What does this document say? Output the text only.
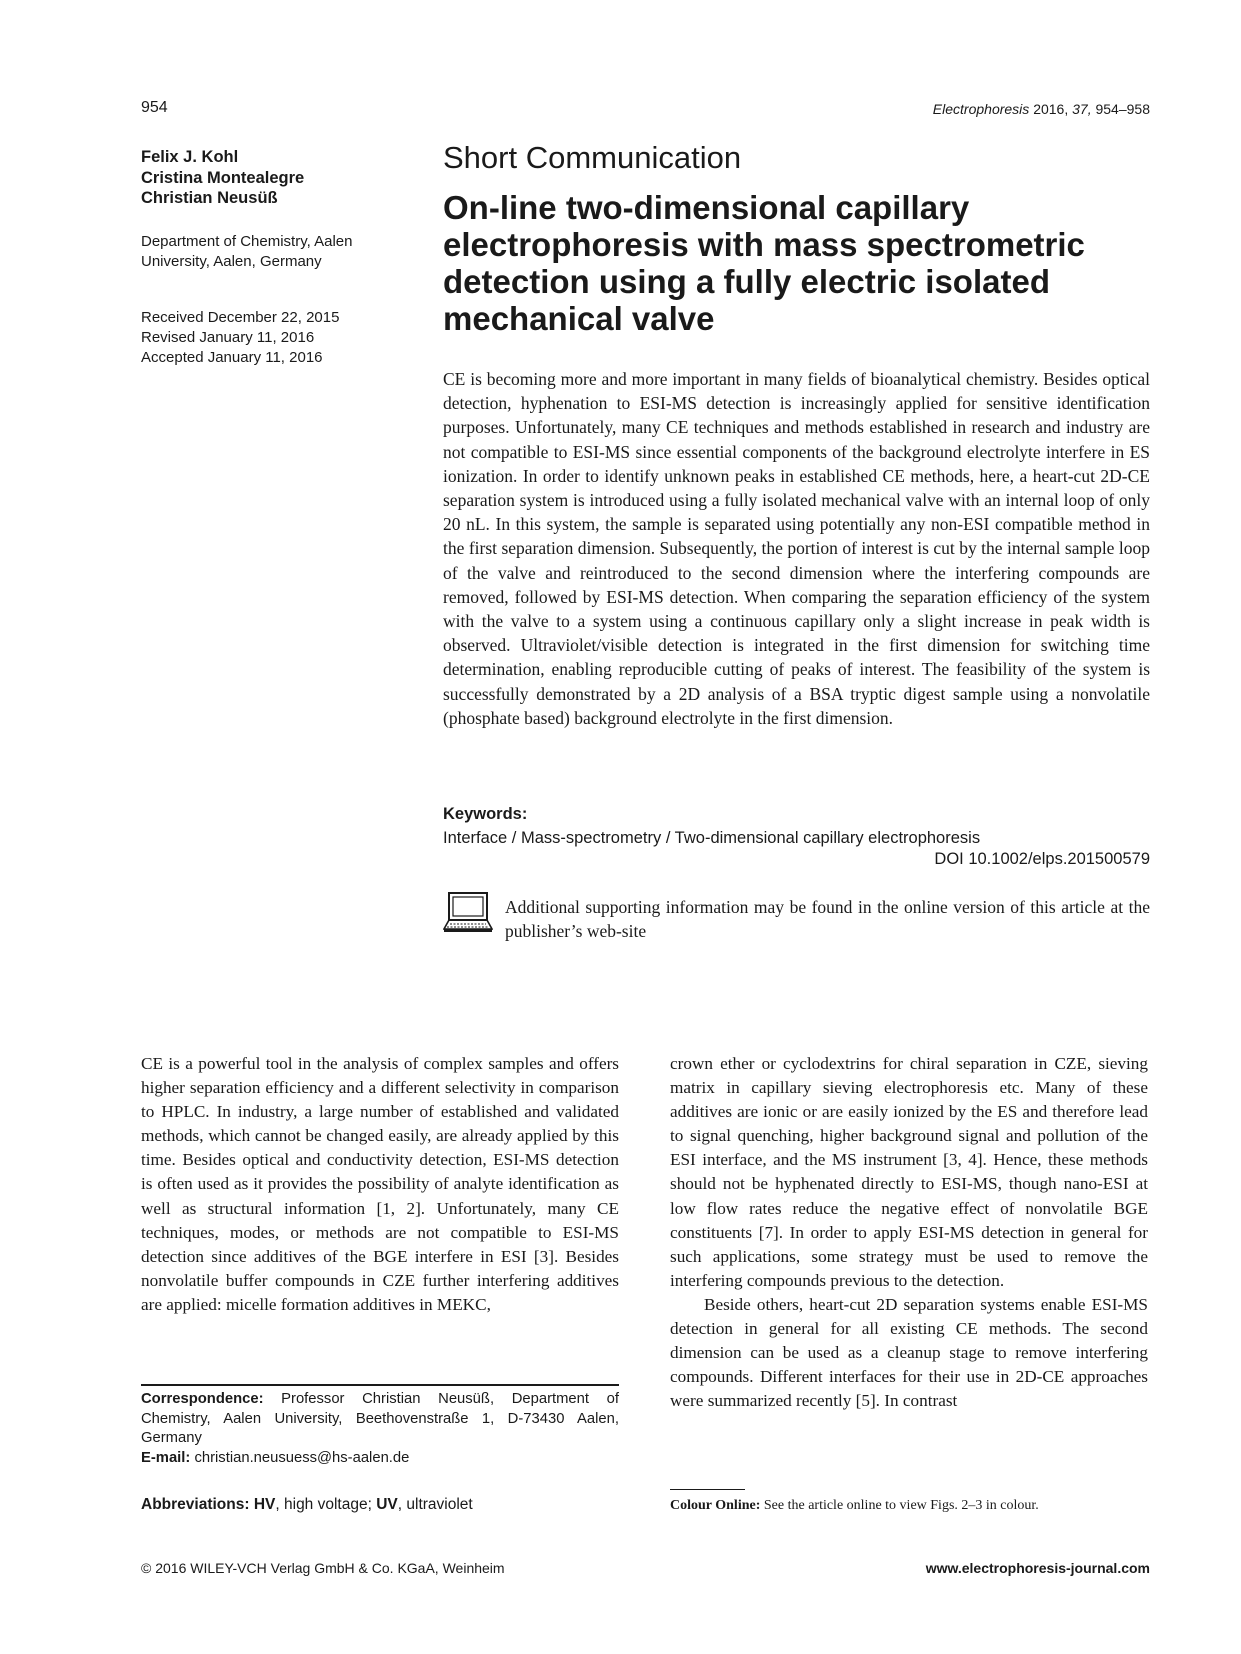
954	Electrophoresis 2016, 37, 954–958
Felix J. Kohl
Cristina Montealegre
Christian Neusüß
Department of Chemistry, Aalen University, Aalen, Germany
Received December 22, 2015
Revised January 11, 2016
Accepted January 11, 2016
Short Communication
On-line two-dimensional capillary
electrophoresis with mass spectrometric
detection using a fully electric isolated
mechanical valve

CE is becoming more and more important in many fields of bioanalytical chemistry. Besides optical detection, hyphenation to ESI-MS detection is increasingly applied for sensitive identification purposes. Unfortunately, many CE techniques and methods established in research and industry are not compatible to ESI-MS since essential components of the background electrolyte interfere in ES ionization. In order to identify unknown peaks in established CE methods, here, a heart-cut 2D-CE separation system is introduced using a fully isolated mechanical valve with an internal loop of only 20 nL. In this system, the sample is separated using potentially any non-ESI compatible method in the first separation dimension. Subsequently, the portion of interest is cut by the internal sample loop of the valve and reintroduced to the second dimension where the interfering compounds are removed, followed by ESI-MS detection. When comparing the separation efficiency of the system with the valve to a system using a continuous capillary only a slight increase in peak width is observed. Ultraviolet/visible detection is integrated in the first dimension for switching time determination, enabling reproducible cutting of peaks of interest. The feasibility of the system is successfully demonstrated by a 2D analysis of a BSA tryptic digest sample using a nonvolatile (phosphate based) background electrolyte in the first dimension.

Keywords:
Interface / Mass-spectrometry / Two-dimensional capillary electrophoresis
DOI 10.1002/elps.201500579

Additional supporting information may be found in the online version of this article at the publisher’s web-site

CE is a powerful tool in the analysis of complex samples and offers higher separation efficiency and a different selectivity in comparison to HPLC. In industry, a large number of established and validated methods, which cannot be changed easily, are already applied by this time. Besides optical and conductivity detection, ESI-MS detection is often used as it provides the possibility of analyte identification as well as structural information [1, 2]. Unfortunately, many CE techniques, modes, or methods are not compatible to ESI-MS detection since additives of the BGE interfere in ESI [3]. Besides nonvolatile buffer compounds in CZE further interfering additives are applied: micelle formation additives in MEKC,

crown ether or cyclodextrins for chiral separation in CZE, sieving matrix in capillary sieving electrophoresis etc. Many of these additives are ionic or are easily ionized by the ES and therefore lead to signal quenching, higher background signal and pollution of the ESI interface, and the MS instrument [3, 4]. Hence, these methods should not be hyphenated directly to ESI-MS, though nano-ESI at low flow rates reduce the negative effect of nonvolatile BGE constituents [7]. In order to apply ESI-MS detection in general for such applications, some strategy must be used to remove the interfering compounds previous to the detection.

Beside others, heart-cut 2D separation systems enable ESI-MS detection in general for all existing CE methods. The second dimension can be used as a cleanup stage to remove interfering compounds. Different interfaces for their use in 2D-CE approaches were summarized recently [5]. In contrast

Correspondence: Professor Christian Neusüß, Department of Chemistry, Aalen University, Beethovenstraße 1, D-73430 Aalen, Germany
E-mail: christian.neusuess@hs-aalen.de
Abbreviations: HV, high voltage; UV, ultraviolet	Colour Online: See the article online to view Figs. 2–3 in colour.
© 2016 WILEY-VCH Verlag GmbH & Co. KGaA, Weinheim	www.electrophoresis-journal.com
